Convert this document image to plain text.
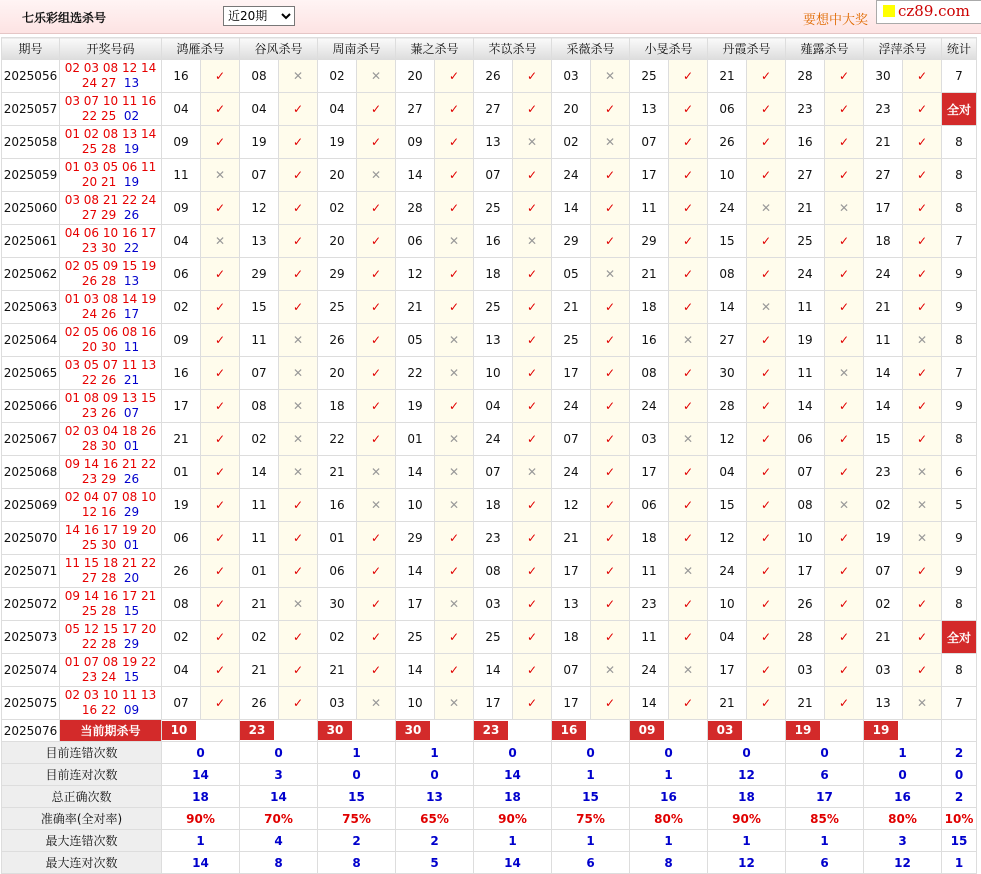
七乐彩组选杀号
近20期	要想中大奖
cz89.com
期号	开奖号码	鸿雁杀号		谷风杀号		周南杀号		蒹之杀号		芣苡杀号		采薇杀号		小旻杀号		丹霞杀号		薤露杀号		浮萍杀号		统计
2025056	02 03 08 12 14
24 27 13	16	✓	08	✕	02	✕	20	✓	26	✓	03	✕	25	✓	21	✓	28	✓	30	✓	7
2025057	03 07 10 11 16
22 25 02	04	✓	04	✓	04	✓	27	✓	27	✓	20	✓	13	✓	06	✓	23	✓	23	✓	全对
2025058	01 02 08 13 14
25 28 19	09	✓	19	✓	19	✓	09	✓	13	✕	02	✕	07	✓	26	✓	16	✓	21	✓	8
2025059	01 03 05 06 11
20 21 19	11	✕	07	✓	20	✕	14	✓	07	✓	24	✓	17	✓	10	✓	27	✓	27	✓	8
2025060	03 08 21 22 24
27 29 26	09	✓	12	✓	02	✓	28	✓	25	✓	14	✓	11	✓	24	✕	21	✕	17	✓	8
2025061	04 06 10 16 17
23 30 22	04	✕	13	✓	20	✓	06	✕	16	✕	29	✓	29	✓	15	✓	25	✓	18	✓	7
2025062	02 05 09 15 19
26 28 13	06	✓	29	✓	29	✓	12	✓	18	✓	05	✕	21	✓	08	✓	24	✓	24	✓	9
2025063	01 03 08 14 19
24 26 17	02	✓	15	✓	25	✓	21	✓	25	✓	21	✓	18	✓	14	✕	11	✓	21	✓	9
2025064	02 05 06 08 16
20 30 11	09	✓	11	✕	26	✓	05	✕	13	✓	25	✓	16	✕	27	✓	19	✓	11	✕	8
2025065	03 05 07 11 13
22 26 21	16	✓	07	✕	20	✓	22	✕	10	✓	17	✓	08	✓	30	✓	11	✕	14	✓	7
2025066	01 08 09 13 15
23 26 07	17	✓	08	✕	18	✓	19	✓	04	✓	24	✓	24	✓	28	✓	14	✓	14	✓	9
2025067	02 03 04 18 26
28 30 01	21	✓	02	✕	22	✓	01	✕	24	✓	07	✓	03	✕	12	✓	06	✓	15	✓	8
2025068	09 14 16 21 22
23 29 26	01	✓	14	✕	21	✕	14	✕	07	✕	24	✓	17	✓	04	✓	07	✓	23	✕	6
2025069	02 04 07 08 10
12 16 29	19	✓	11	✓	16	✕	10	✕	18	✓	12	✓	06	✓	15	✓	08	✕	02	✕	5
2025070	14 16 17 19 20
25 30 01	06	✓	11	✓	01	✓	29	✓	23	✓	21	✓	18	✓	12	✓	10	✓	19	✕	9
2025071	11 15 18 21 22
27 28 20	26	✓	01	✓	06	✓	14	✓	08	✓	17	✓	11	✕	24	✓	17	✓	07	✓	9
2025072	09 14 16 17 21
25 28 15	08	✓	21	✕	30	✓	17	✕	03	✓	13	✓	23	✓	10	✓	26	✓	02	✓	8
2025073	05 12 15 17 20
22 28 29	02	✓	02	✓	02	✓	25	✓	25	✓	18	✓	11	✓	04	✓	28	✓	21	✓	全对
2025074	01 07 08 19 22
23 24 15	04	✓	21	✓	21	✓	14	✓	14	✓	07	✕	24	✕	17	✓	03	✓	03	✓	8
2025075	02 03 10 11 13
16 22 09	07	✓	26	✓	03	✕	10	✕	17	✓	17	✓	14	✓	21	✓	21	✓	13	✕	7
2025076	当前期杀号	10		23		30		30		23		16		09		03		19		19		
目前连错次数		0		0		1		1		0		0		0		0		0		1		2
目前连对次数		14		3		0		0		14		1		1		12		6		0		0
总正确次数		18		14		15		13		18		15		16		18		17		16		2
准确率(全对率)		90%		70%		75%		65%		90%		75%		80%		90%		85%		80%		10%
最大连错次数		1		4		2		2		1		1		1		1		1		3		15
最大连对次数		14		8		8		5		14		6		8		12		6		12		1
